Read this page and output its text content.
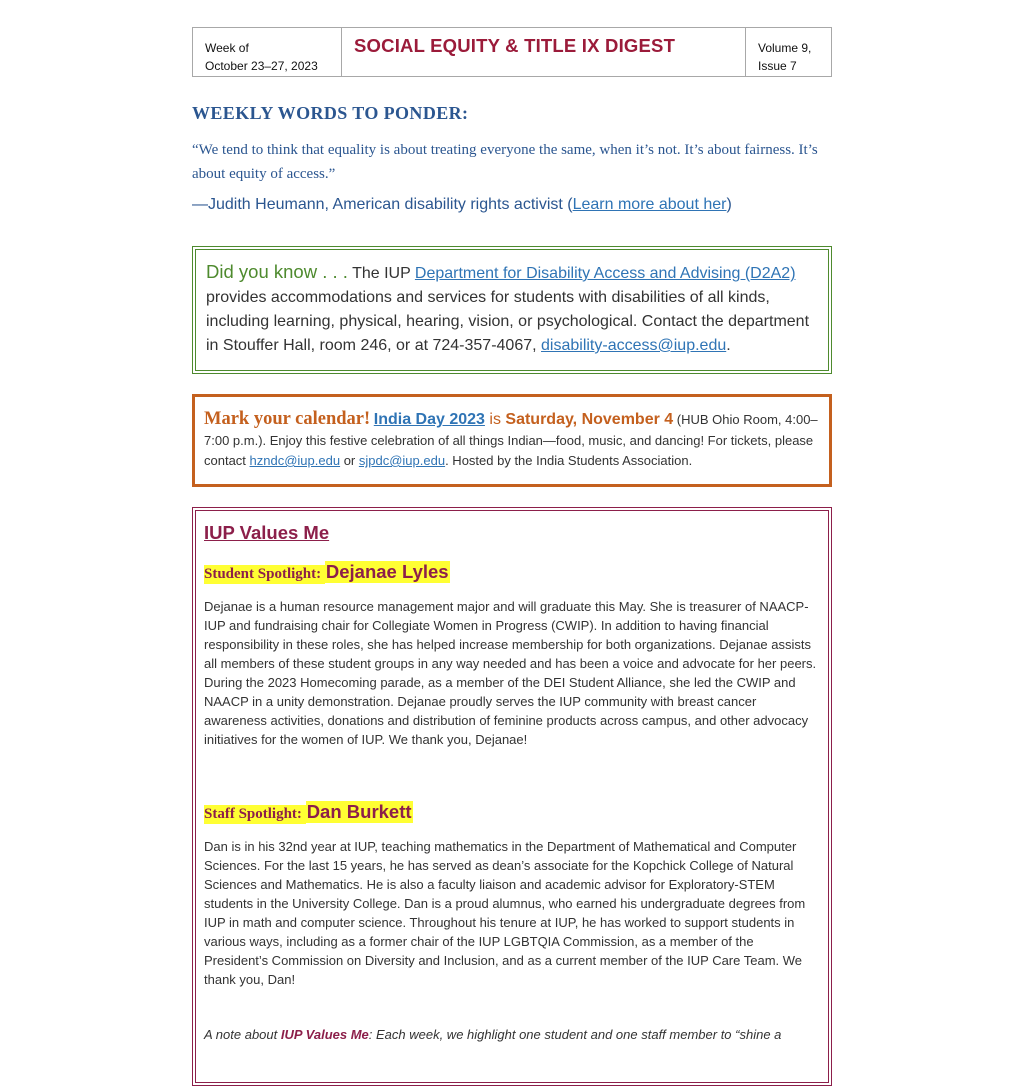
Week of
October 23–27, 2023
SOCIAL EQUITY & TITLE IX DIGEST	Volume 9,
Issue 7
WEEKLY WORDS TO PONDER:
“We tend to think that equality is about treating everyone the same, when it’s not. It’s about fairness. It’s about equity of access.”
—Judith Heumann, American disability rights activist (Learn more about her)
Did you know . . . The IUP Department for Disability Access and Advising (D2A2) provides accommodations and services for students with disabilities of all kinds, including learning, physical, hearing, vision, or psychological. Contact the department in Stouffer Hall, room 246, or at 724-357-4067, disability-access@iup.edu.
Mark your calendar! India Day 2023 is Saturday, November 4 (HUB Ohio Room, 4:00–7:00 p.m.). Enjoy this festive celebration of all things Indian—food, music, and dancing! For tickets, please contact hzndc@iup.edu or sjpdc@iup.edu. Hosted by the India Students Association.
IUP Values Me
Student Spotlight: Dejanae Lyles
Dejanae is a human resource management major and will graduate this May. She is treasurer of NAACP-IUP and fundraising chair for Collegiate Women in Progress (CWIP). In addition to having financial responsibility in these roles, she has helped increase membership for both organizations. Dejanae assists all members of these student groups in any way needed and has been a voice and advocate for her peers. During the 2023 Homecoming parade, as a member of the DEI Student Alliance, she led the CWIP and NAACP in a unity demonstration. Dejanae proudly serves the IUP community with breast cancer awareness activities, donations and distribution of feminine products across campus, and other advocacy initiatives for the women of IUP. We thank you, Dejanae!
Staff Spotlight: Dan Burkett
Dan is in his 32nd year at IUP, teaching mathematics in the Department of Mathematical and Computer Sciences. For the last 15 years, he has served as dean’s associate for the Kopchick College of Natural Sciences and Mathematics. He is also a faculty liaison and academic advisor for Exploratory-STEM students in the University College. Dan is a proud alumnus, who earned his undergraduate degrees from IUP in math and computer science. Throughout his tenure at IUP, he has worked to support students in various ways, including as a former chair of the IUP LGBTQIA Commission, as a member of the President’s Commission on Diversity and Inclusion, and as a current member of the IUP Care Team. We thank you, Dan!
A note about IUP Values Me: Each week, we highlight one student and one staff member to “shine a
